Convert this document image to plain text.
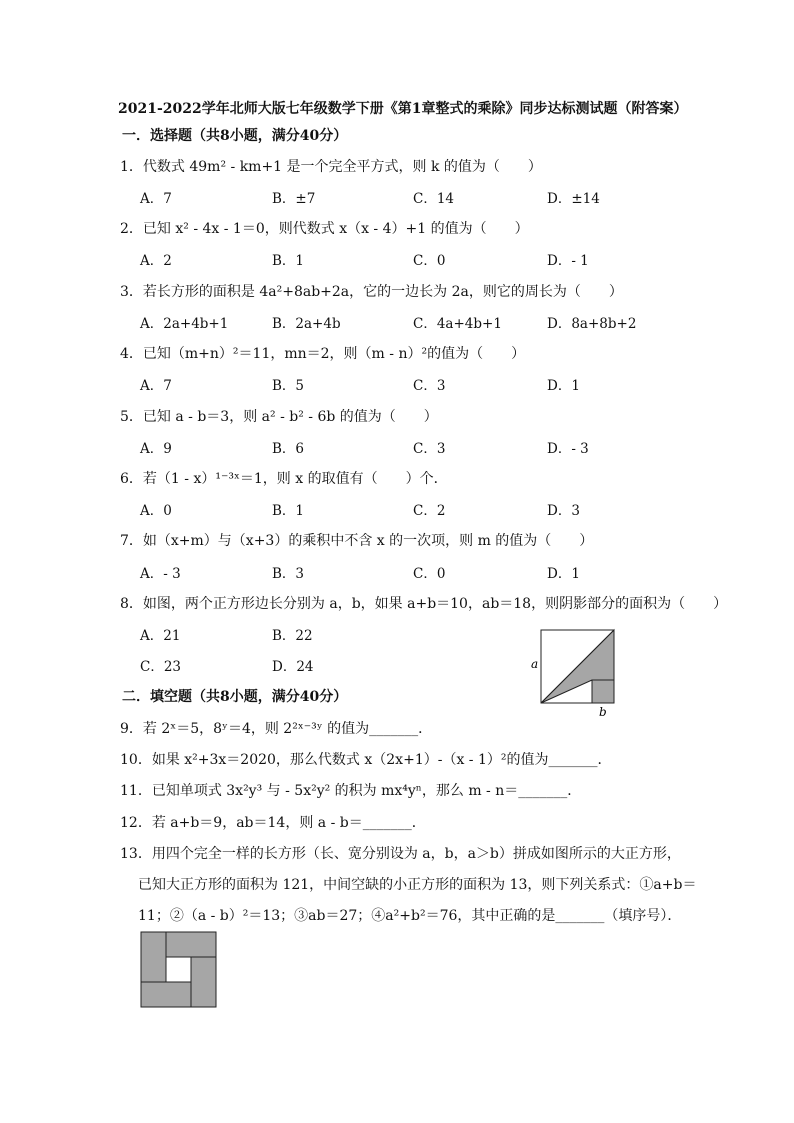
2021-2022学年北师大版七年级数学下册《第1章整式的乘除》同步达标测试题（附答案）
一．选择题（共8小题，满分40分）
1．代数式 49m² - km+1 是一个完全平方式，则 k 的值为（　　）
A．7	B．±7	C．14	D．±14
2．已知 x² - 4x - 1＝0，则代数式 x（x - 4）+1 的值为（　　）
A．2	B．1	C．0	D．- 1
3．若长方形的面积是 4a²+8ab+2a，它的一边长为 2a，则它的周长为（　　）
A．2a+4b+1	B．2a+4b	C．4a+4b+1	D．8a+8b+2
4．已知（m+n）²＝11，mn＝2，则（m - n）²的值为（　　）
A．7	B．5	C．3	D．1
5．已知 a - b＝3，则 a² - b² - 6b 的值为（　　）
A．9	B．6	C．3	D．- 3
6．若（1 - x）¹⁻³ˣ＝1，则 x 的取值有（　　）个．
A．0	B．1	C．2	D．3
7．如（x+m）与（x+3）的乘积中不含 x 的一次项，则 m 的值为（　　）
A．- 3	B．3	C．0	D．1
8．如图，两个正方形边长分别为 a，b，如果 a+b＝10，ab＝18，则阴影部分的面积为（　　）
A．21	B．22
C．23	D．24	a
b
二．填空题（共8小题，满分40分）
9．若 2ˣ＝5，8ʸ＝4，则 2²ˣ⁻³ʸ 的值为_______．
10．如果 x²+3x＝2020，那么代数式 x（2x+1）-（x - 1）²的值为_______．
11．已知单项式 3x²y³ 与 - 5x²y² 的积为 mx⁴yⁿ，那么 m - n＝_______．
12．若 a+b＝9，ab＝14，则 a - b＝_______．
13．用四个完全一样的长方形（长、宽分别设为 a，b，a＞b）拼成如图所示的大正方形，
已知大正方形的面积为 121，中间空缺的小正方形的面积为 13，则下列关系式：①a+b＝
11；②（a - b）²＝13；③ab＝27；④a²+b²＝76，其中正确的是_______（填序号）．
